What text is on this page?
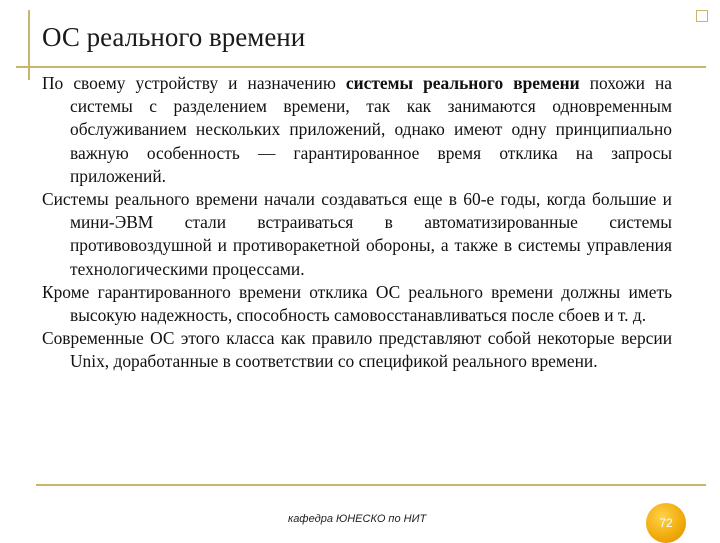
ОС реального времени

По своему устройству и назначению системы реального времени похожи на системы с разделением времени, так как занимаются одновременным обслуживанием нескольких приложений, однако имеют одну принципиально важную особенность — гарантированное время отклика на запросы приложений.

Системы реального времени начали создаваться еще в 60-е годы, когда большие и мини-ЭВМ стали встраиваться в автоматизированные системы противовоздушной и противоракетной обороны, а также в системы управления технологическими процессами.

Кроме гарантированного времени отклика ОС реального времени должны иметь высокую надежность, способность самовосстанавливаться после сбоев и т. д.

Современные ОС этого класса как правило представляют собой некоторые версии Unix, доработанные в соответствии со спецификой реального времени.

кафедра ЮНЕСКО по НИТ	72
